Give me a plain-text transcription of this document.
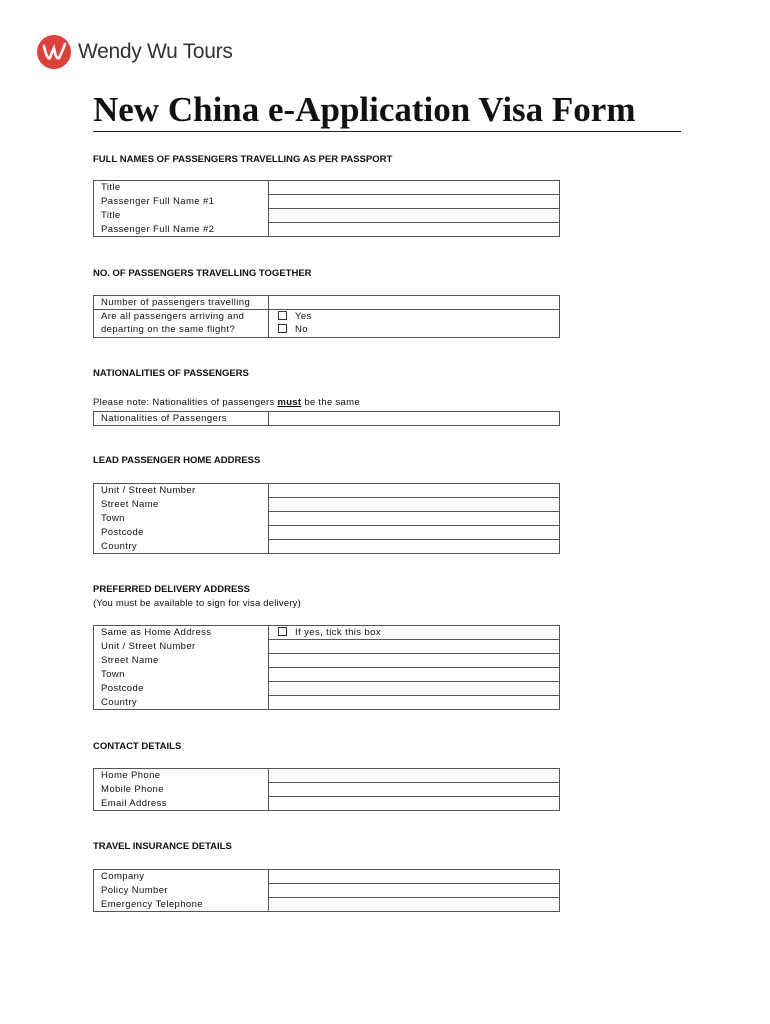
Wendy Wu Tours
New China e-Application Visa Form
FULL NAMES OF PASSENGERS TRAVELLING AS PER PASSPORT
Title	
Passenger Full Name #1	
Title	
Passenger Full Name #2	
NO. OF PASSENGERS TRAVELLING TOGETHER
Number of passengers travelling	

Are all passengers arriving and
departing on the same flight?	Yes
No
NATIONALITIES OF PASSENGERS
Please note: Nationalities of passengers must be the same
Nationalities of Passengers	
LEAD PASSENGER HOME ADDRESS
Unit / Street Number	
Street Name	
Town	
Postcode	
Country	
PREFERRED DELIVERY ADDRESS
(You must be available to sign for visa delivery)
Same as Home Address	If yes, tick this box
Unit / Street Number	
Street Name	
Town	
Postcode	
Country	
CONTACT DETAILS
Home Phone	
Mobile Phone	
Email Address	
TRAVEL INSURANCE DETAILS
Company	
Policy Number	
Emergency Telephone	
